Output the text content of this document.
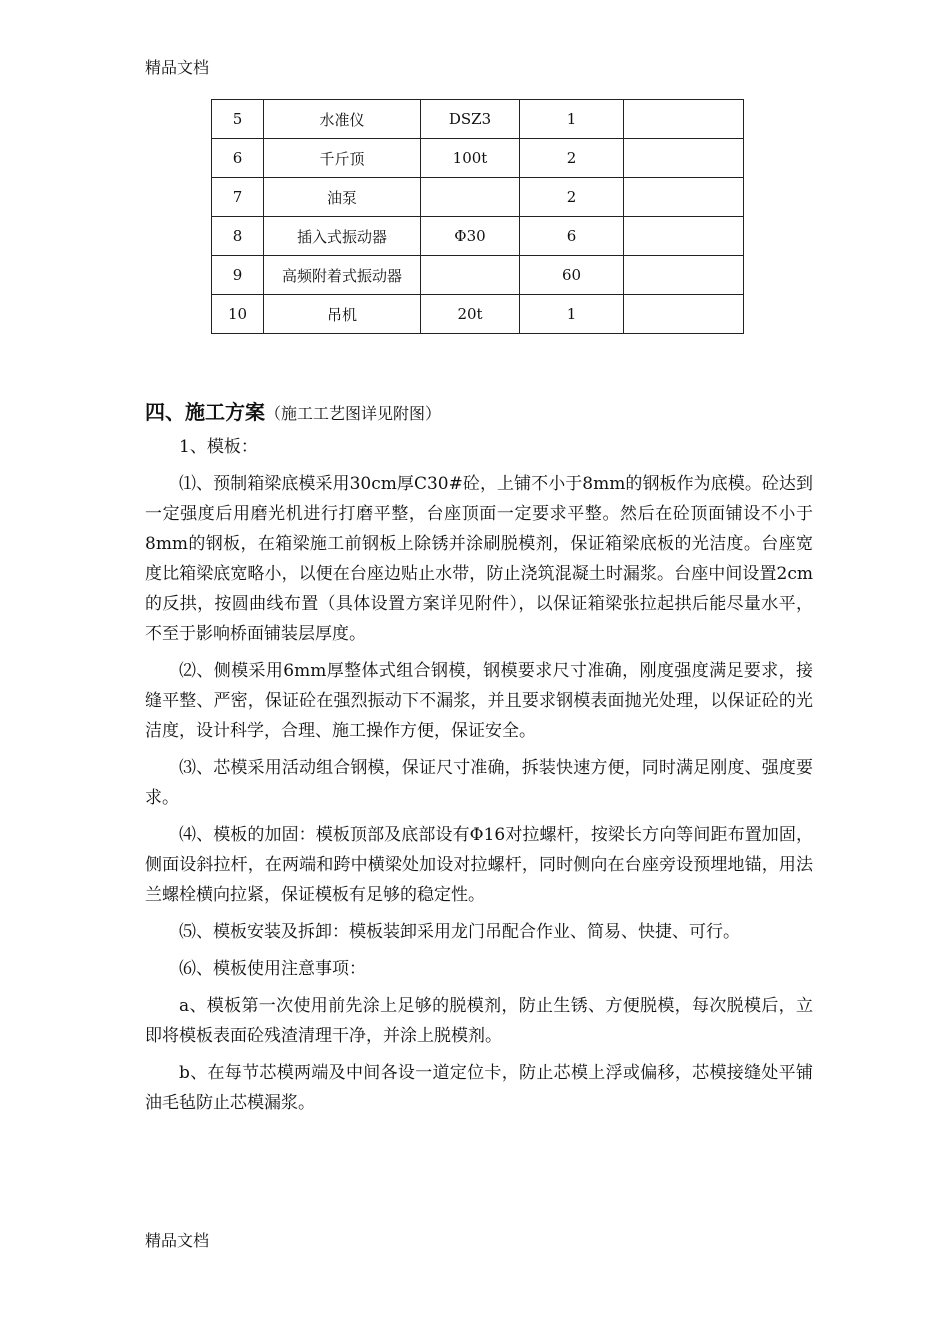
精品文档
5	水准仪	DSZ3	1	
6	千斤顶	100t	2	
7	油泵		2	
8	插入式振动器	Φ30	6	
9	高频附着式振动器		60	
10	吊机	20t	1	
四、施工方案（施工工艺图详见附图）

1、模板：

⑴、预制箱梁底模采用30cm厚C30#砼，上铺不小于8mm的钢板作为底模。砼达到一定强度后用磨光机进行打磨平整，台座顶面一定要求平整。然后在砼顶面铺设不小于8mm的钢板，在箱梁施工前钢板上除锈并涂刷脱模剂，保证箱梁底板的光洁度。台座宽度比箱梁底宽略小，以便在台座边贴止水带，防止浇筑混凝土时漏浆。台座中间设置2cm的反拱，按圆曲线布置（具体设置方案详见附件），以保证箱梁张拉起拱后能尽量水平，不至于影响桥面铺装层厚度。

⑵、侧模采用6mm厚整体式组合钢模，钢模要求尺寸准确，刚度强度满足要求，接缝平整、严密，保证砼在强烈振动下不漏浆，并且要求钢模表面抛光处理，以保证砼的光洁度，设计科学，合理、施工操作方便，保证安全。

⑶、芯模采用活动组合钢模，保证尺寸准确，拆装快速方便，同时满足刚度、强度要求。

⑷、模板的加固：模板顶部及底部设有Φ16对拉螺杆，按梁长方向等间距布置加固，侧面设斜拉杆，在两端和跨中横梁处加设对拉螺杆，同时侧向在台座旁设预埋地锚，用法兰螺栓横向拉紧，保证模板有足够的稳定性。

⑸、模板安装及拆卸：模板装卸采用龙门吊配合作业、简易、快捷、可行。

⑹、模板使用注意事项：

a、模板第一次使用前先涂上足够的脱模剂，防止生锈、方便脱模，每次脱模后，立即将模板表面砼残渣清理干净，并涂上脱模剂。

b、在每节芯模两端及中间各设一道定位卡，防止芯模上浮或偏移，芯模接缝处平铺油毛毡防止芯模漏浆。

精品文档
